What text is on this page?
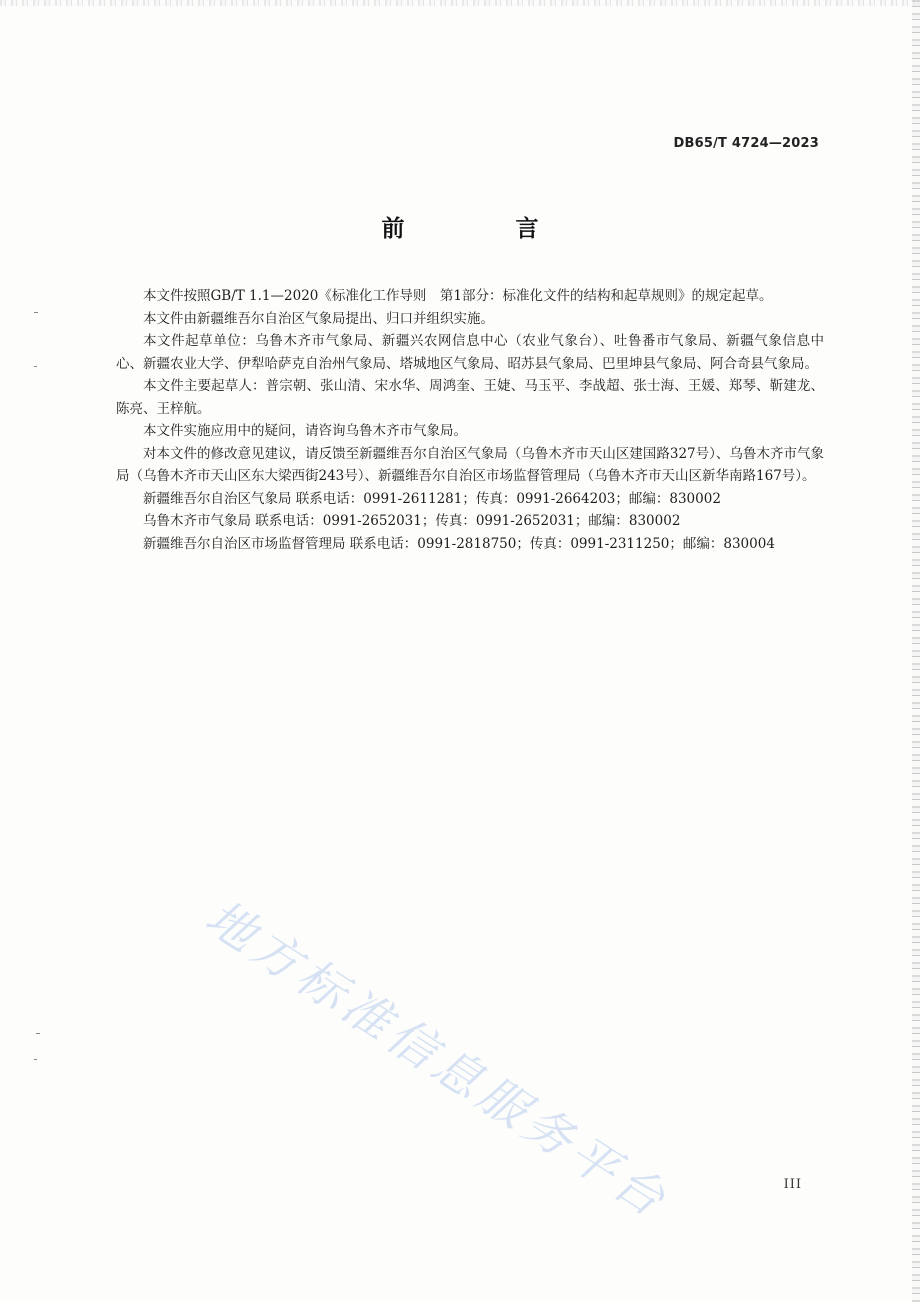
DB65/T 4724—2023
前　言

本文件按照GB/T 1.1—2020《标准化工作导则　第1部分：标准化文件的结构和起草规则》的规定起草。

本文件由新疆维吾尔自治区气象局提出、归口并组织实施。

本文件起草单位：乌鲁木齐市气象局、新疆兴农网信息中心（农业气象台）、吐鲁番市气象局、新疆气象信息中心、新疆农业大学、伊犁哈萨克自治州气象局、塔城地区气象局、昭苏县气象局、巴里坤县气象局、阿合奇县气象局。

本文件主要起草人：普宗朝、张山清、宋水华、周鸿奎、王婕、马玉平、李战超、张士海、王媛、郑琴、靳建龙、陈亮、王梓航。

本文件实施应用中的疑问，请咨询乌鲁木齐市气象局。

对本文件的修改意见建议，请反馈至新疆维吾尔自治区气象局（乌鲁木齐市天山区建国路327号）、乌鲁木齐市气象局（乌鲁木齐市天山区东大梁西街243号）、新疆维吾尔自治区市场监督管理局（乌鲁木齐市天山区新华南路167号）。

新疆维吾尔自治区气象局 联系电话：0991-2611281；传真：0991-2664203；邮编：830002

乌鲁木齐市气象局 联系电话：0991-2652031；传真：0991-2652031；邮编：830002

新疆维吾尔自治区市场监督管理局 联系电话：0991-2818750；传真：0991-2311250；邮编：830004

地方标准信息服务平台	III
